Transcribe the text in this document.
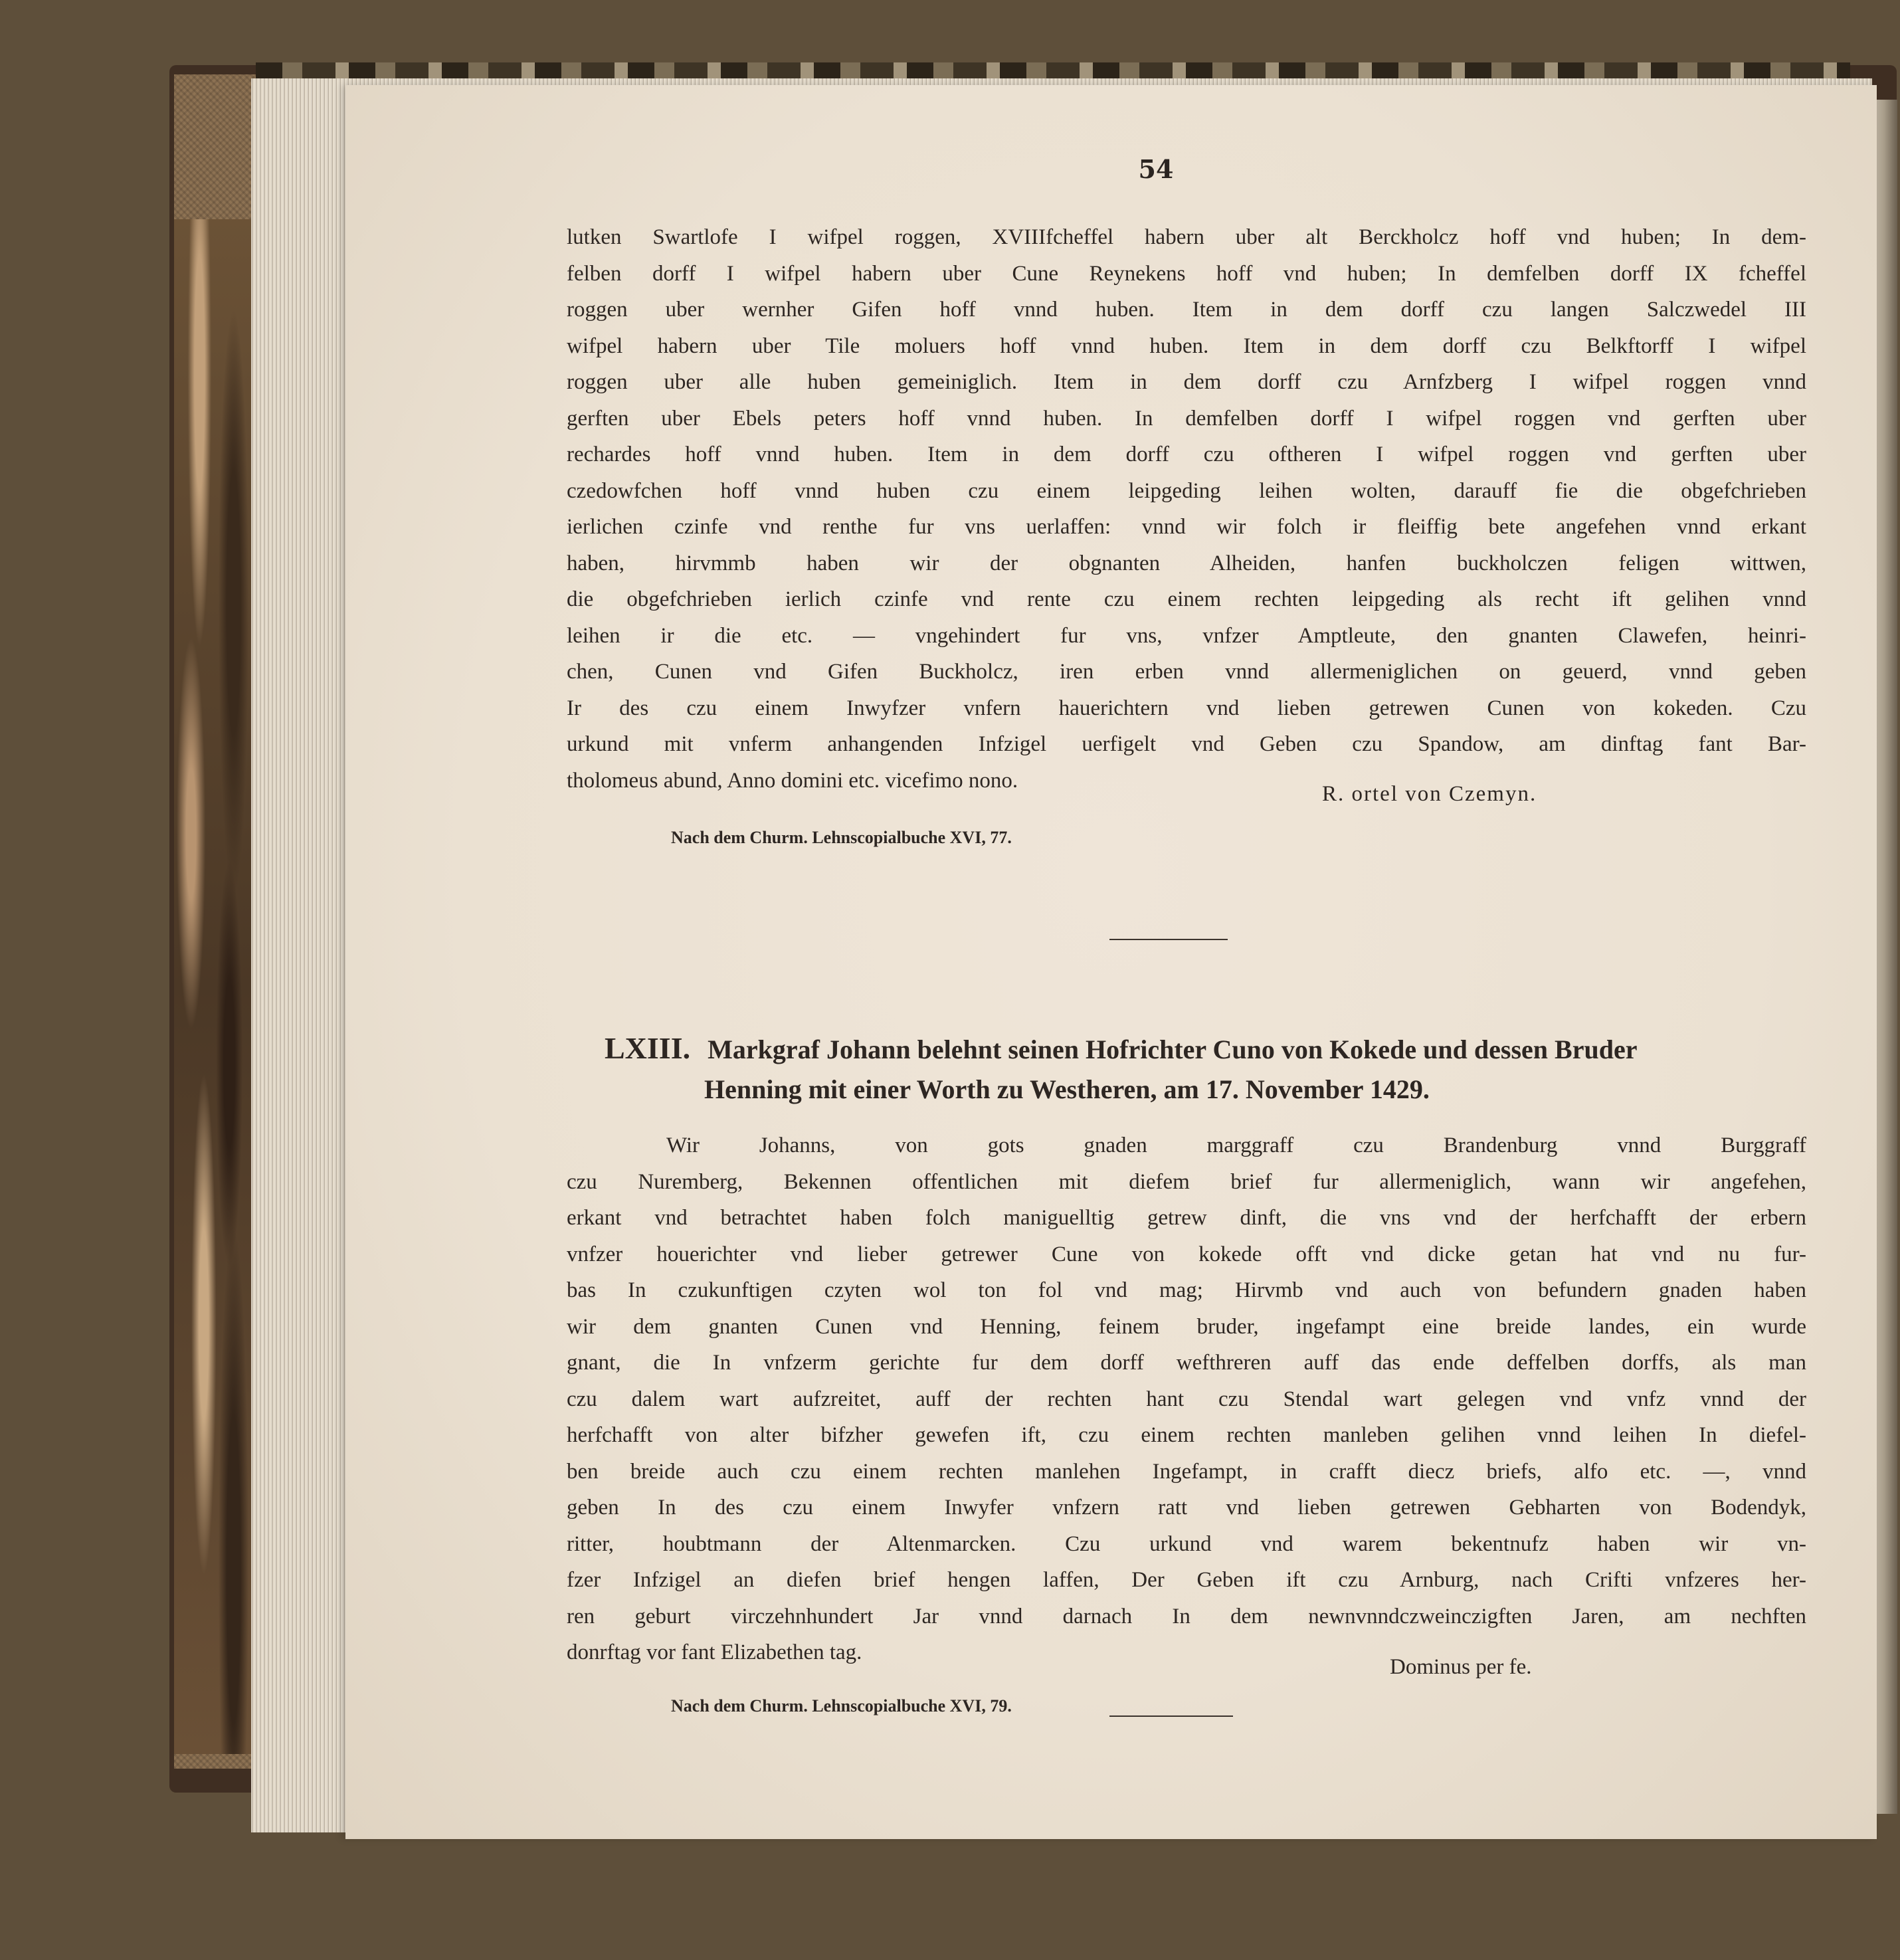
54

lutken Swartlofe I wifpel roggen, XVIIIfcheffel habern uber alt Berckholcz hoff vnd huben; In dem-

felben dorff I wifpel habern uber Cune Reynekens hoff vnd huben; In demfelben dorff IX fcheffel

roggen uber wernher Gifen hoff vnnd huben. Item in dem dorff czu langen Salczwedel III

wifpel habern uber Tile moluers hoff vnnd huben. Item in dem dorff czu Belkftorff I wifpel

roggen uber alle huben gemeiniglich. Item in dem dorff czu Arnfzberg I wifpel roggen vnnd

gerften uber Ebels peters hoff vnnd huben. In demfelben dorff I wifpel roggen vnd gerften uber

rechardes hoff vnnd huben. Item in dem dorff czu oftheren I wifpel roggen vnd gerften uber

czedowfchen hoff vnnd huben czu einem leipgeding leihen wolten, darauff fie die obgefchrieben

ierlichen czinfe vnd renthe fur vns uerlaffen: vnnd wir folch ir fleiffig bete angefehen vnnd erkant

haben, hirvmmb haben wir der obgnanten Alheiden, hanfen buckholczen feligen wittwen,

die obgefchrieben ierlich czinfe vnd rente czu einem rechten leipgeding als recht ift gelihen vnnd

leihen ir die etc. — vngehindert fur vns, vnfzer Amptleute, den gnanten Clawefen, heinri-

chen, Cunen vnd Gifen Buckholcz, iren erben vnnd allermeniglichen on geuerd, vnnd geben

Ir des czu einem Inwyfzer vnfern hauerichtern vnd lieben getrewen Cunen von kokeden. Czu

urkund mit vnferm anhangenden Infzigel uerfigelt vnd Geben czu Spandow, am dinftag fant Bar-

tholomeus abund, Anno domini etc. vicefimo nono.

R. ortel von Czemyn.
Nach dem Churm. Lehnscopialbuche XVI, 77.
LXIII. Markgraf Johann belehnt seinen Hofrichter Cuno von Kokede und dessen Bruder
Henning mit einer Worth zu Westheren, am 17. November 1429.

Wir Johanns, von gots gnaden marggraff czu Brandenburg vnnd Burggraff

czu Nuremberg, Bekennen offentlichen mit diefem brief fur allermeniglich, wann wir angefehen,

erkant vnd betrachtet haben folch maniguelltig getrew dinft, die vns vnd der herfchafft der erbern

vnfzer houerichter vnd lieber getrewer Cune von kokede offt vnd dicke getan hat vnd nu fur-

bas In czukunftigen czyten wol ton fol vnd mag; Hirvmb vnd auch von befundern gnaden haben

wir dem gnanten Cunen vnd Henning, feinem bruder, ingefampt eine breide landes, ein wurde

gnant, die In vnfzerm gerichte fur dem dorff wefthreren auff das ende deffelben dorffs, als man

czu dalem wart aufzreitet, auff der rechten hant czu Stendal wart gelegen vnd vnfz vnnd der

herfchafft von alter bifzher gewefen ift, czu einem rechten manleben gelihen vnnd leihen In diefel-

ben breide auch czu einem rechten manlehen Ingefampt, in crafft diecz briefs, alfo etc. —, vnnd

geben In des czu einem Inwyfer vnfzern ratt vnd lieben getrewen Gebharten von Bodendyk,

ritter, houbtmann der Altenmarcken. Czu urkund vnd warem bekentnufz haben wir vn-

fzer Infzigel an diefen brief hengen laffen, Der Geben ift czu Arnburg, nach Crifti vnfzeres her-

ren geburt virczehnhundert Jar vnnd darnach In dem newnvnndczweinczigften Jaren, am nechften

donrftag vor fant Elizabethen tag.

Dominus per fe.
Nach dem Churm. Lehnscopialbuche XVI, 79.
